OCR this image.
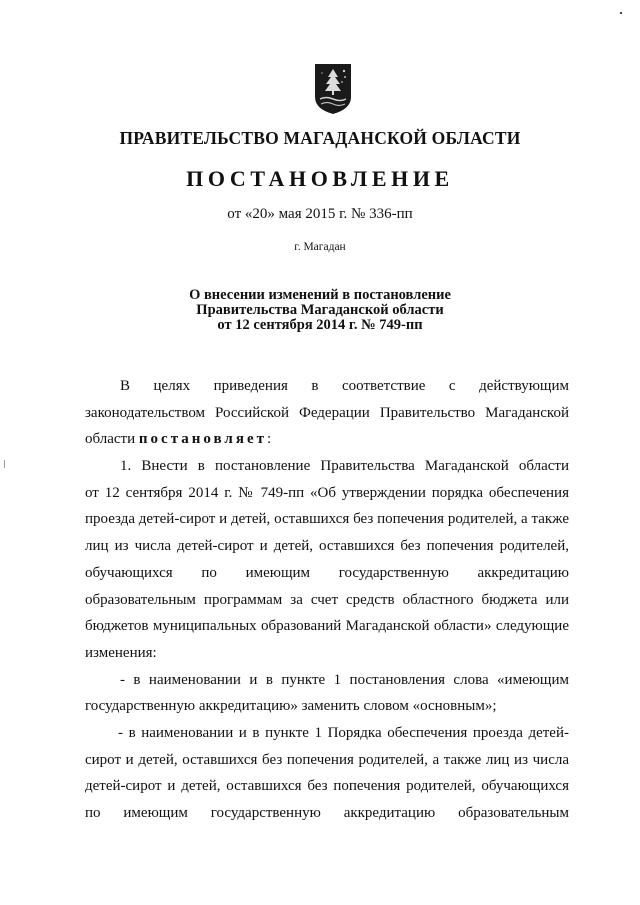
ПРАВИТЕЛЬСТВО МАГАДАНСКОЙ ОБЛАСТИ
ПОСТАНОВЛЕНИЕ
от «20» мая 2015 г. № 336-пп
г. Магадан
О внесении изменений в постановление
Правительства Магаданской области
от 12 сентября 2014 г. № 749-пп
В целях приведения в соответствие с действующим
законодательством Российской Федерации Правительство Магаданской
области постановляет:
1. Внести в постановление Правительства Магаданской области
от 12 сентября 2014 г. № 749-пп «Об утверждении порядка обеспечения
проезда детей-сирот и детей, оставшихся без попечения родителей, а также
лиц из числа детей-сирот и детей, оставшихся без попечения родителей,
обучающихся по имеющим государственную аккредитацию
образовательным программам за счет средств областного бюджета или
бюджетов муниципальных образований Магаданской области» следующие
изменения:
- в наименовании и в пункте 1 постановления слова «имеющим
государственную аккредитацию» заменить словом «основным»;
- в наименовании и в пункте 1 Порядка обеспечения проезда детей-
сирот и детей, оставшихся без попечения родителей, а также лиц из числа
детей-сирот и детей, оставшихся без попечения родителей, обучающихся
по имеющим государственную аккредитацию образовательным
